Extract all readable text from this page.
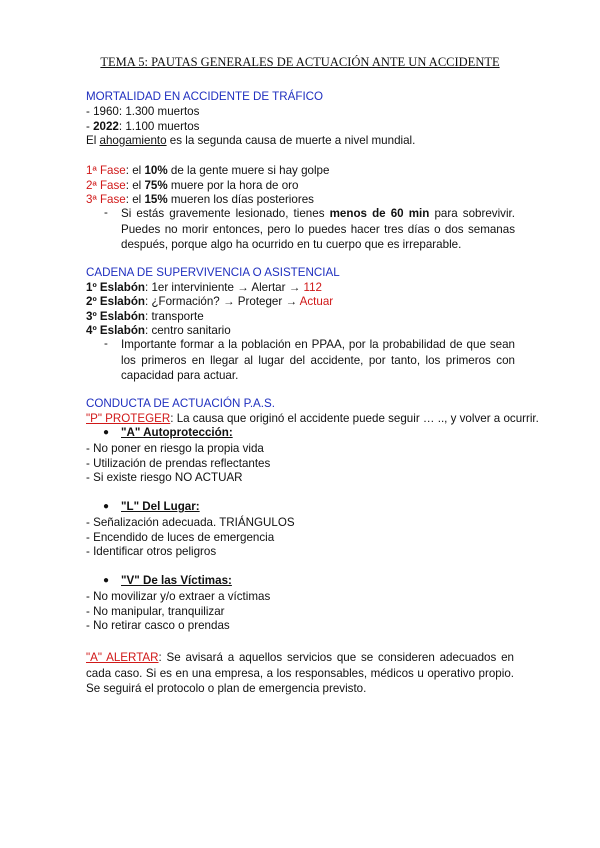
TEMA 5: PAUTAS GENERALES DE ACTUACIÓN ANTE UN ACCIDENTE
MORTALIDAD EN ACCIDENTE DE TRÁFICO
- 1960: 1.300 muertos
- 2022: 1.100 muertos
El ahogamiento es la segunda causa de muerte a nivel mundial.
1ª Fase: el 10% de la gente muere si hay golpe
2ª Fase: el 75% muere por la hora de oro
3ª Fase: el 15% mueren los días posteriores
- Si estás gravemente lesionado, tienes menos de 60 min para sobrevivir. Puedes no morir entonces, pero lo puedes hacer tres días o dos semanas después, porque algo ha ocurrido en tu cuerpo que es irreparable.
CADENA DE SUPERVIVENCIA O ASISTENCIAL
1º Eslabón: 1er interviniente → Alertar → 112
2º Eslabón: ¿Formación? → Proteger → Actuar
3º Eslabón: transporte
4º Eslabón: centro sanitario
- Importante formar a la población en PPAA, por la probabilidad de que sean los primeros en llegar al lugar del accidente, por tanto, los primeros con capacidad para actuar.
CONDUCTA DE ACTUACIÓN P.A.S.
"P" PROTEGER: La causa que originó el accidente puede seguir … .., y volver a ocurrir.
● "A" Autoprotección:
- No poner en riesgo la propia vida
- Utilización de prendas reflectantes
- Si existe riesgo NO ACTUAR
● "L" Del Lugar:
- Señalización adecuada. TRIÁNGULOS
- Encendido de luces de emergencia
- Identificar otros peligros
● "V" De las Víctimas:
- No movilizar y/o extraer a víctimas
- No manipular, tranquilizar
- No retirar casco o prendas
"A" ALERTAR: Se avisará a aquellos servicios que se consideren adecuados en cada caso. Si es en una empresa, a los responsables, médicos u operativo propio. Se seguirá el protocolo o plan de emergencia previsto.
